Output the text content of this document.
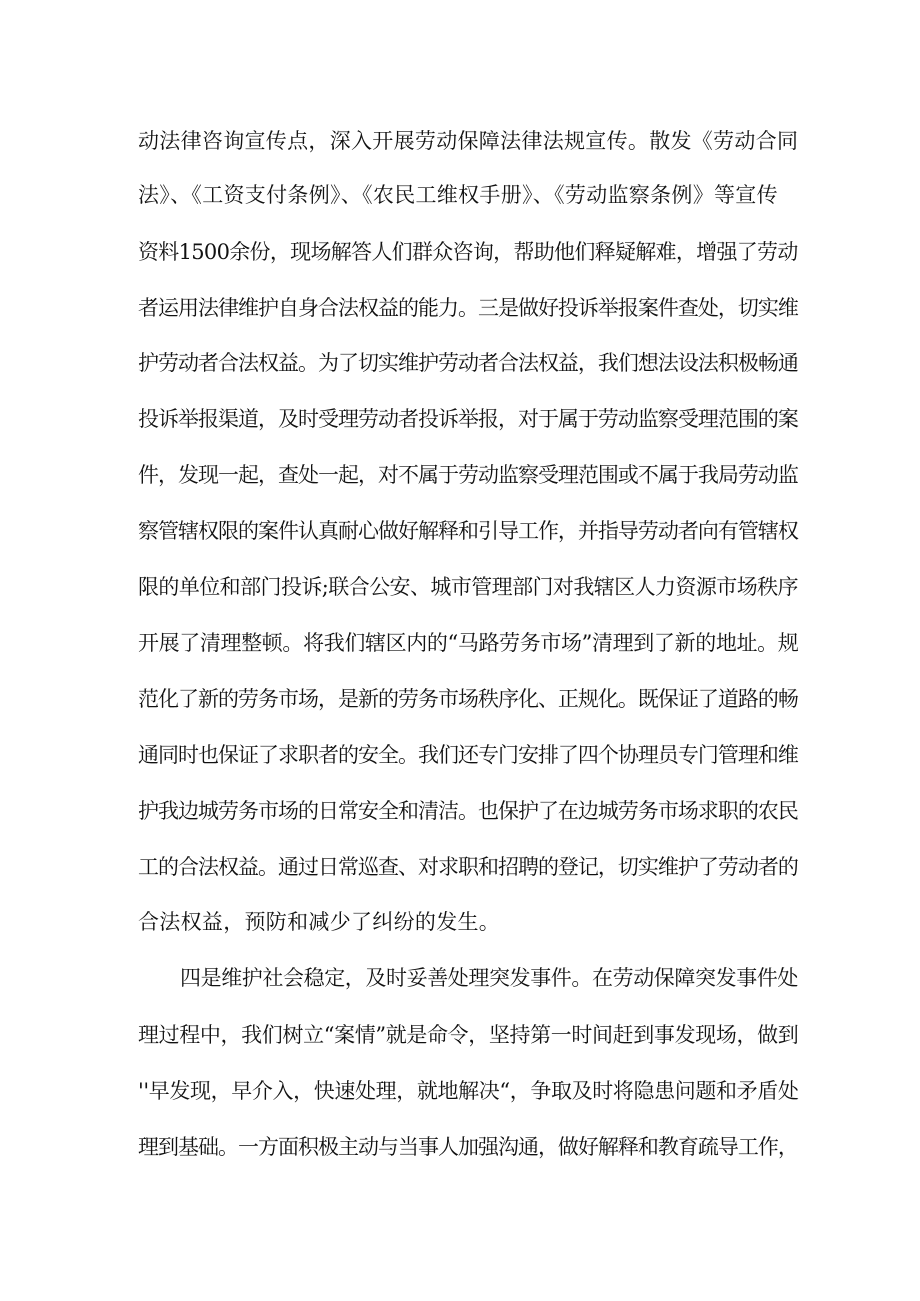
动法律咨询宣传点，深入开展劳动保障法律法规宣传。散发《劳动合同
法》、《工资支付条例》、《农民工维权手册》、《劳动监察条例》等宣传
资料1500余份，现场解答人们群众咨询，帮助他们释疑解难，增强了劳动
者运用法律维护自身合法权益的能力。三是做好投诉举报案件查处，切实维
护劳动者合法权益。为了切实维护劳动者合法权益，我们想法设法积极畅通
投诉举报渠道，及时受理劳动者投诉举报，对于属于劳动监察受理范围的案
件，发现一起，查处一起，对不属于劳动监察受理范围或不属于我局劳动监
察管辖权限的案件认真耐心做好解释和引导工作，并指导劳动者向有管辖权
限的单位和部门投诉;联合公安、城市管理部门对我辖区人力资源市场秩序
开展了清理整顿。将我们辖区内的“马路劳务市场”清理到了新的地址。规
范化了新的劳务市场，是新的劳务市场秩序化、正规化。既保证了道路的畅
通同时也保证了求职者的安全。我们还专门安排了四个协理员专门管理和维
护我边城劳务市场的日常安全和清洁。也保护了在边城劳务市场求职的农民
工的合法权益。通过日常巡查、对求职和招聘的登记，切实维护了劳动者的
合法权益，预防和减少了纠纷的发生。
四是维护社会稳定，及时妥善处理突发事件。在劳动保障突发事件处
理过程中，我们树立“案情”就是命令，坚持第一时间赶到事发现场，做到
''早发现，早介入，快速处理，就地解决“，争取及时将隐患问题和矛盾处
理到基础。一方面积极主动与当事人加强沟通，做好解释和教育疏导工作，
